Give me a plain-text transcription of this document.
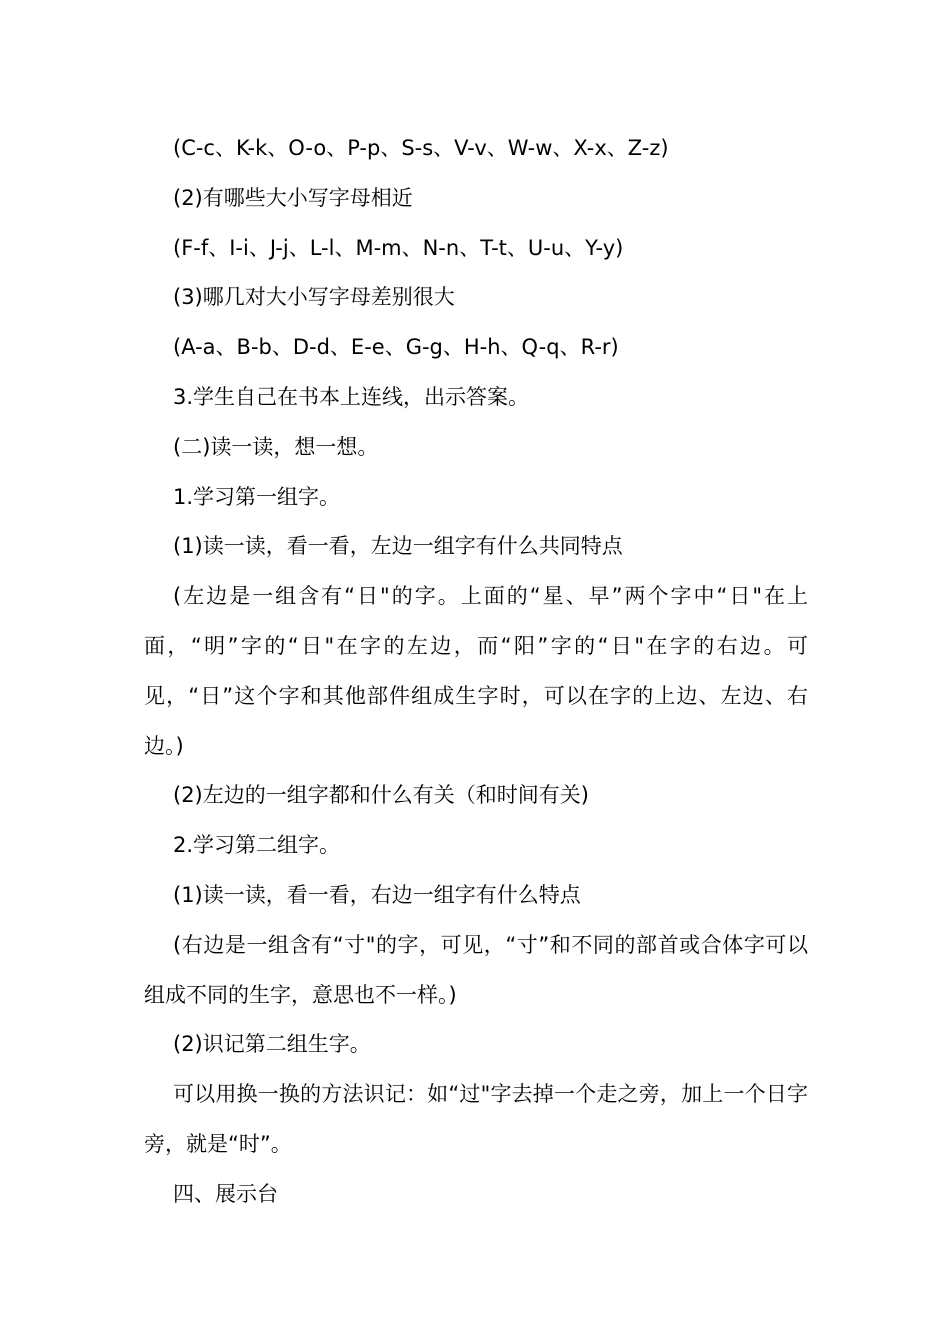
(C-c、K-k、O-o、P-p、S-s、V-v、W-w、X-x、Z-z)

(2)有哪些大小写字母相近

(F-f、I-i、J-j、L-l、M-m、N-n、T-t、U-u、Y-y)

(3)哪几对大小写字母差别很大

(A-a、B-b、D-d、E-e、G-g、H-h、Q-q、R-r)

3.学生自己在书本上连线，出示答案。

(二)读一读，想一想。

1.学习第一组字。

(1)读一读，看一看，左边一组字有什么共同特点

(左边是一组含有“日"的字。上面的“星、早”两个字中“日"在上面，“明”字的“日"在字的左边，而“阳”字的“日"在字的右边。可见，“日”这个字和其他部件组成生字时，可以在字的上边、左边、右边。)

(2)左边的一组字都和什么有关（和时间有关)

2.学习第二组字。

(1)读一读，看一看，右边一组字有什么特点

(右边是一组含有“寸"的字，可见，“寸”和不同的部首或合体字可以组成不同的生字，意思也不一样。)

(2)识记第二组生字。

可以用换一换的方法识记：如“过"字去掉一个走之旁，加上一个日字旁，就是“时”。

四、展示台
